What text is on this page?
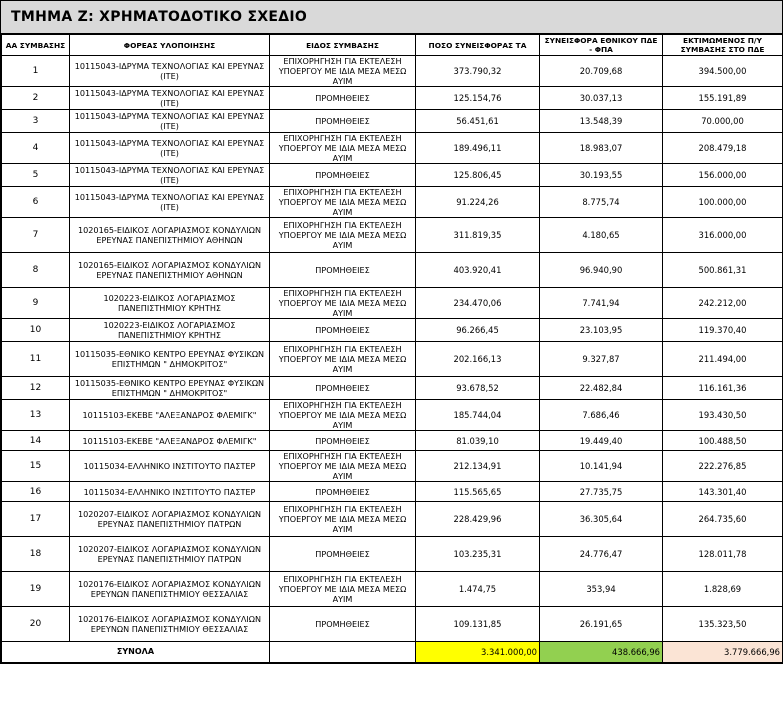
ΤΜΗΜΑ Ζ: ΧΡΗΜΑΤΟΔΟΤΙΚΟ ΣΧΕΔΙΟ
ΑΑ ΣΥΜΒΑΣΗΣ	ΦΟΡΕΑΣ ΥΛΟΠΟΙΗΣΗΣ	ΕΙΔΟΣ ΣΥΜΒΑΣΗΣ	ΠΟΣΟ ΣΥΝΕΙΣΦΟΡΑΣ ΤΑ	ΣΥΝΕΙΣΦΟΡΑ ΕΘΝΙΚΟΥ ΠΔΕ - ΦΠΑ	ΕΚΤΙΜΩΜΕΝΟΣ Π/Υ ΣΥΜΒΑΣΗΣ ΣΤΟ ΠΔΕ
1	10115043-ΙΔΡΥΜΑ ΤΕΧΝΟΛΟΓΙΑΣ ΚΑΙ ΕΡΕΥΝΑΣ (ΙΤΕ)	ΕΠΙΧΟΡΗΓΗΣΗ ΓΙΑ ΕΚΤΕΛΕΣΗ ΥΠΟΕΡΓΟΥ ΜΕ ΙΔΙΑ ΜΕΣΑ ΜΕΣΩ ΑΥΙΜ	373.790,32	20.709,68	394.500,00
2	10115043-ΙΔΡΥΜΑ ΤΕΧΝΟΛΟΓΙΑΣ ΚΑΙ ΕΡΕΥΝΑΣ (ΙΤΕ)	ΠΡΟΜΗΘΕΙΕΣ	125.154,76	30.037,13	155.191,89
3	10115043-ΙΔΡΥΜΑ ΤΕΧΝΟΛΟΓΙΑΣ ΚΑΙ ΕΡΕΥΝΑΣ (ΙΤΕ)	ΠΡΟΜΗΘΕΙΕΣ	56.451,61	13.548,39	70.000,00
4	10115043-ΙΔΡΥΜΑ ΤΕΧΝΟΛΟΓΙΑΣ ΚΑΙ ΕΡΕΥΝΑΣ (ΙΤΕ)	ΕΠΙΧΟΡΗΓΗΣΗ ΓΙΑ ΕΚΤΕΛΕΣΗ ΥΠΟΕΡΓΟΥ ΜΕ ΙΔΙΑ ΜΕΣΑ ΜΕΣΩ ΑΥΙΜ	189.496,11	18.983,07	208.479,18
5	10115043-ΙΔΡΥΜΑ ΤΕΧΝΟΛΟΓΙΑΣ ΚΑΙ ΕΡΕΥΝΑΣ (ΙΤΕ)	ΠΡΟΜΗΘΕΙΕΣ	125.806,45	30.193,55	156.000,00
6	10115043-ΙΔΡΥΜΑ ΤΕΧΝΟΛΟΓΙΑΣ ΚΑΙ ΕΡΕΥΝΑΣ (ΙΤΕ)	ΕΠΙΧΟΡΗΓΗΣΗ ΓΙΑ ΕΚΤΕΛΕΣΗ ΥΠΟΕΡΓΟΥ ΜΕ ΙΔΙΑ ΜΕΣΑ ΜΕΣΩ ΑΥΙΜ	91.224,26	8.775,74	100.000,00
7	1020165-ΕΙΔΙΚΟΣ ΛΟΓΑΡΙΑΣΜΟΣ ΚΟΝΔΥΛΙΩΝ ΕΡΕΥΝΑΣ ΠΑΝΕΠΙΣΤΗΜΙΟΥ ΑΘΗΝΩΝ	ΕΠΙΧΟΡΗΓΗΣΗ ΓΙΑ ΕΚΤΕΛΕΣΗ ΥΠΟΕΡΓΟΥ ΜΕ ΙΔΙΑ ΜΕΣΑ ΜΕΣΩ ΑΥΙΜ	311.819,35	4.180,65	316.000,00
8	1020165-ΕΙΔΙΚΟΣ ΛΟΓΑΡΙΑΣΜΟΣ ΚΟΝΔΥΛΙΩΝ ΕΡΕΥΝΑΣ ΠΑΝΕΠΙΣΤΗΜΙΟΥ ΑΘΗΝΩΝ	ΠΡΟΜΗΘΕΙΕΣ	403.920,41	96.940,90	500.861,31
9	1020223-ΕΙΔΙΚΟΣ ΛΟΓΑΡΙΑΣΜΟΣ ΠΑΝΕΠΙΣΤΗΜΙΟΥ ΚΡΗΤΗΣ	ΕΠΙΧΟΡΗΓΗΣΗ ΓΙΑ ΕΚΤΕΛΕΣΗ ΥΠΟΕΡΓΟΥ ΜΕ ΙΔΙΑ ΜΕΣΑ ΜΕΣΩ ΑΥΙΜ	234.470,06	7.741,94	242.212,00
10	1020223-ΕΙΔΙΚΟΣ ΛΟΓΑΡΙΑΣΜΟΣ ΠΑΝΕΠΙΣΤΗΜΙΟΥ ΚΡΗΤΗΣ	ΠΡΟΜΗΘΕΙΕΣ	96.266,45	23.103,95	119.370,40
11	10115035-ΕΘΝΙΚΟ ΚΕΝΤΡΟ ΕΡΕΥΝΑΣ ΦΥΣΙΚΩΝ ΕΠΙΣΤΗΜΩΝ " ΔΗΜΟΚΡΙΤΟΣ"	ΕΠΙΧΟΡΗΓΗΣΗ ΓΙΑ ΕΚΤΕΛΕΣΗ ΥΠΟΕΡΓΟΥ ΜΕ ΙΔΙΑ ΜΕΣΑ ΜΕΣΩ ΑΥΙΜ	202.166,13	9.327,87	211.494,00
12	10115035-ΕΘΝΙΚΟ ΚΕΝΤΡΟ ΕΡΕΥΝΑΣ ΦΥΣΙΚΩΝ ΕΠΙΣΤΗΜΩΝ " ΔΗΜΟΚΡΙΤΟΣ"	ΠΡΟΜΗΘΕΙΕΣ	93.678,52	22.482,84	116.161,36
13	10115103-ΕΚΕΒΕ "ΑΛΕΞΑΝΔΡΟΣ ΦΛΕΜΙΓΚ"	ΕΠΙΧΟΡΗΓΗΣΗ ΓΙΑ ΕΚΤΕΛΕΣΗ ΥΠΟΕΡΓΟΥ ΜΕ ΙΔΙΑ ΜΕΣΑ ΜΕΣΩ ΑΥΙΜ	185.744,04	7.686,46	193.430,50
14	10115103-ΕΚΕΒΕ "ΑΛΕΞΑΝΔΡΟΣ ΦΛΕΜΙΓΚ"	ΠΡΟΜΗΘΕΙΕΣ	81.039,10	19.449,40	100.488,50
15	10115034-ΕΛΛΗΝΙΚΟ ΙΝΣΤΙΤΟΥΤΟ ΠΑΣΤΕΡ	ΕΠΙΧΟΡΗΓΗΣΗ ΓΙΑ ΕΚΤΕΛΕΣΗ ΥΠΟΕΡΓΟΥ ΜΕ ΙΔΙΑ ΜΕΣΑ ΜΕΣΩ ΑΥΙΜ	212.134,91	10.141,94	222.276,85
16	10115034-ΕΛΛΗΝΙΚΟ ΙΝΣΤΙΤΟΥΤΟ ΠΑΣΤΕΡ	ΠΡΟΜΗΘΕΙΕΣ	115.565,65	27.735,75	143.301,40
17	1020207-ΕΙΔΙΚΟΣ ΛΟΓΑΡΙΑΣΜΟΣ ΚΟΝΔΥΛΙΩΝ ΕΡΕΥΝΑΣ ΠΑΝΕΠΙΣΤΗΜΙΟΥ ΠΑΤΡΩΝ	ΕΠΙΧΟΡΗΓΗΣΗ ΓΙΑ ΕΚΤΕΛΕΣΗ ΥΠΟΕΡΓΟΥ ΜΕ ΙΔΙΑ ΜΕΣΑ ΜΕΣΩ ΑΥΙΜ	228.429,96	36.305,64	264.735,60
18	1020207-ΕΙΔΙΚΟΣ ΛΟΓΑΡΙΑΣΜΟΣ ΚΟΝΔΥΛΙΩΝ ΕΡΕΥΝΑΣ ΠΑΝΕΠΙΣΤΗΜΙΟΥ ΠΑΤΡΩΝ	ΠΡΟΜΗΘΕΙΕΣ	103.235,31	24.776,47	128.011,78
19	1020176-ΕΙΔΙΚΟΣ ΛΟΓΑΡΙΑΣΜΟΣ ΚΟΝΔΥΛΙΩΝ ΕΡΕΥΝΩΝ ΠΑΝΕΠΙΣΤΗΜΙΟΥ ΘΕΣΣΑΛΙΑΣ	ΕΠΙΧΟΡΗΓΗΣΗ ΓΙΑ ΕΚΤΕΛΕΣΗ ΥΠΟΕΡΓΟΥ ΜΕ ΙΔΙΑ ΜΕΣΑ ΜΕΣΩ ΑΥΙΜ	1.474,75	353,94	1.828,69
20	1020176-ΕΙΔΙΚΟΣ ΛΟΓΑΡΙΑΣΜΟΣ ΚΟΝΔΥΛΙΩΝ ΕΡΕΥΝΩΝ ΠΑΝΕΠΙΣΤΗΜΙΟΥ ΘΕΣΣΑΛΙΑΣ	ΠΡΟΜΗΘΕΙΕΣ	109.131,85	26.191,65	135.323,50
ΣΥΝΟΛΑ			3.341.000,00	438.666,96	3.779.666,96
